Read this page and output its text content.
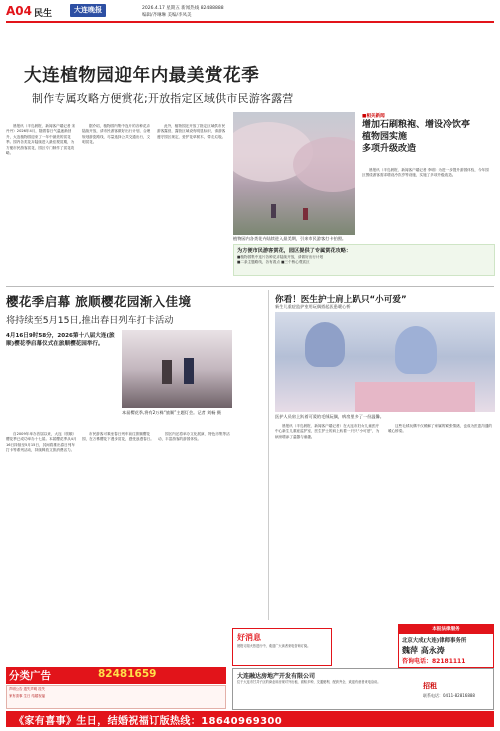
A04 民生	大连晚报	2026.4.17 星期五 新闻热线 82488888
编辑/齐琳琳 美编/李凤美
大连植物园迎年内最美赏花季
制作专属攻略方便赏花;开放指定区域供市民游客露营

晨报讯（半岛晨报、新闻客户端记者 宋丹丹）2026年4月，随着春日气温逐渐回升，大连植物园迎来了一年中最美的赏花季。园内各类花卉陆续进入最佳观赏期，为方便市民游客赏花，园区专门制作了赏花攻略。

据介绍，植物园内集中连片的各种花卉陆续开放，请市民游客做好出行计划，合理规划游览路线，尽量选择公共交通出行，文明赏花。

此外，植物园还开放了指定区域供市民游客露营，露营区域设有明显标识，请游客遵守园区规定，爱护花草树木，带走垃圾。

植物园内各类花卉陆续进入最美期，引来市民游客打卡拍照。
■相关新闻
增加石刷粮袍、增设冷饮亭
植物园实施
多项升级改造

晨报讯（半岛晨报、新闻客户端记者 李明）为进一步提升游园体验，今年园区围绕游客需求增设冷饮亭等设施，实施了多项升级改造。

为方便市民游客赏花，园区提供了专属赏花攻略：
■植物园集中连片各种花卉陆续开放，请做好出行计划
■二条主题路线，各有看点 ■三个核心观赏区
樱花季启幕 旅顺樱花园渐入佳境
将持续至5月15日,推出春日列车打卡活动
4月16日9时58分，2026第十八届大连(旅顺)樱花季启幕仪式在旅顺樱花园举行。
本届樱花季,将有2万株“旅顺”主题灯会。记者 刘畅 摄

自2009年举办首届以来，大连（旅顺）樱花季已成功举办十七届。本届樱花季从4月16日持续至5月15日，其间将推出春日列车打卡等系列活动，持续释放文旅消费活力。

市民游客可乘坐春日列车前往旅顺樱花园，在万株樱花下漫步赏花，感受浪漫春日。

园区内还将举办文化展演、特色市集等活动，丰富游客的游园体验。

你看！医生护士肩上趴只“小可爱”
新生儿重症监护室用玩偶搭起医患暖心桥
医护人员肩上趴着可爱的毛绒玩偶，病房里多了一份温馨。

晨报讯（半岛晨报、新闻客户端记者）在大连市妇女儿童医疗中心新生儿重症监护室，医生护士的肩上趴着一只只“小可爱”，为病房增添了温馨与童趣。

这些毛绒玩偶不仅缓解了家属的紧张情绪，也成为医患沟通的暖心桥梁。

好消息
晨报订阅火热进行中，欢迎广大读者来电咨询订阅。
本报法律服务
北京大成(大连)律师事务所
魏萍 高永涛
咨询电话：82181111
分类广告	82481659
声明公告 遗失声明 挂失
家有喜事 生日 结婚祝福
大连融达房地产开发有限公司
位于大连市甘井子区的商业用房现对外出租，面积多种，交通便利，配套齐全，欢迎有意者来电洽谈。	招租
联系电话：0411-82816888
《家有喜事》生日，结婚祝福订版热线：18640969300
